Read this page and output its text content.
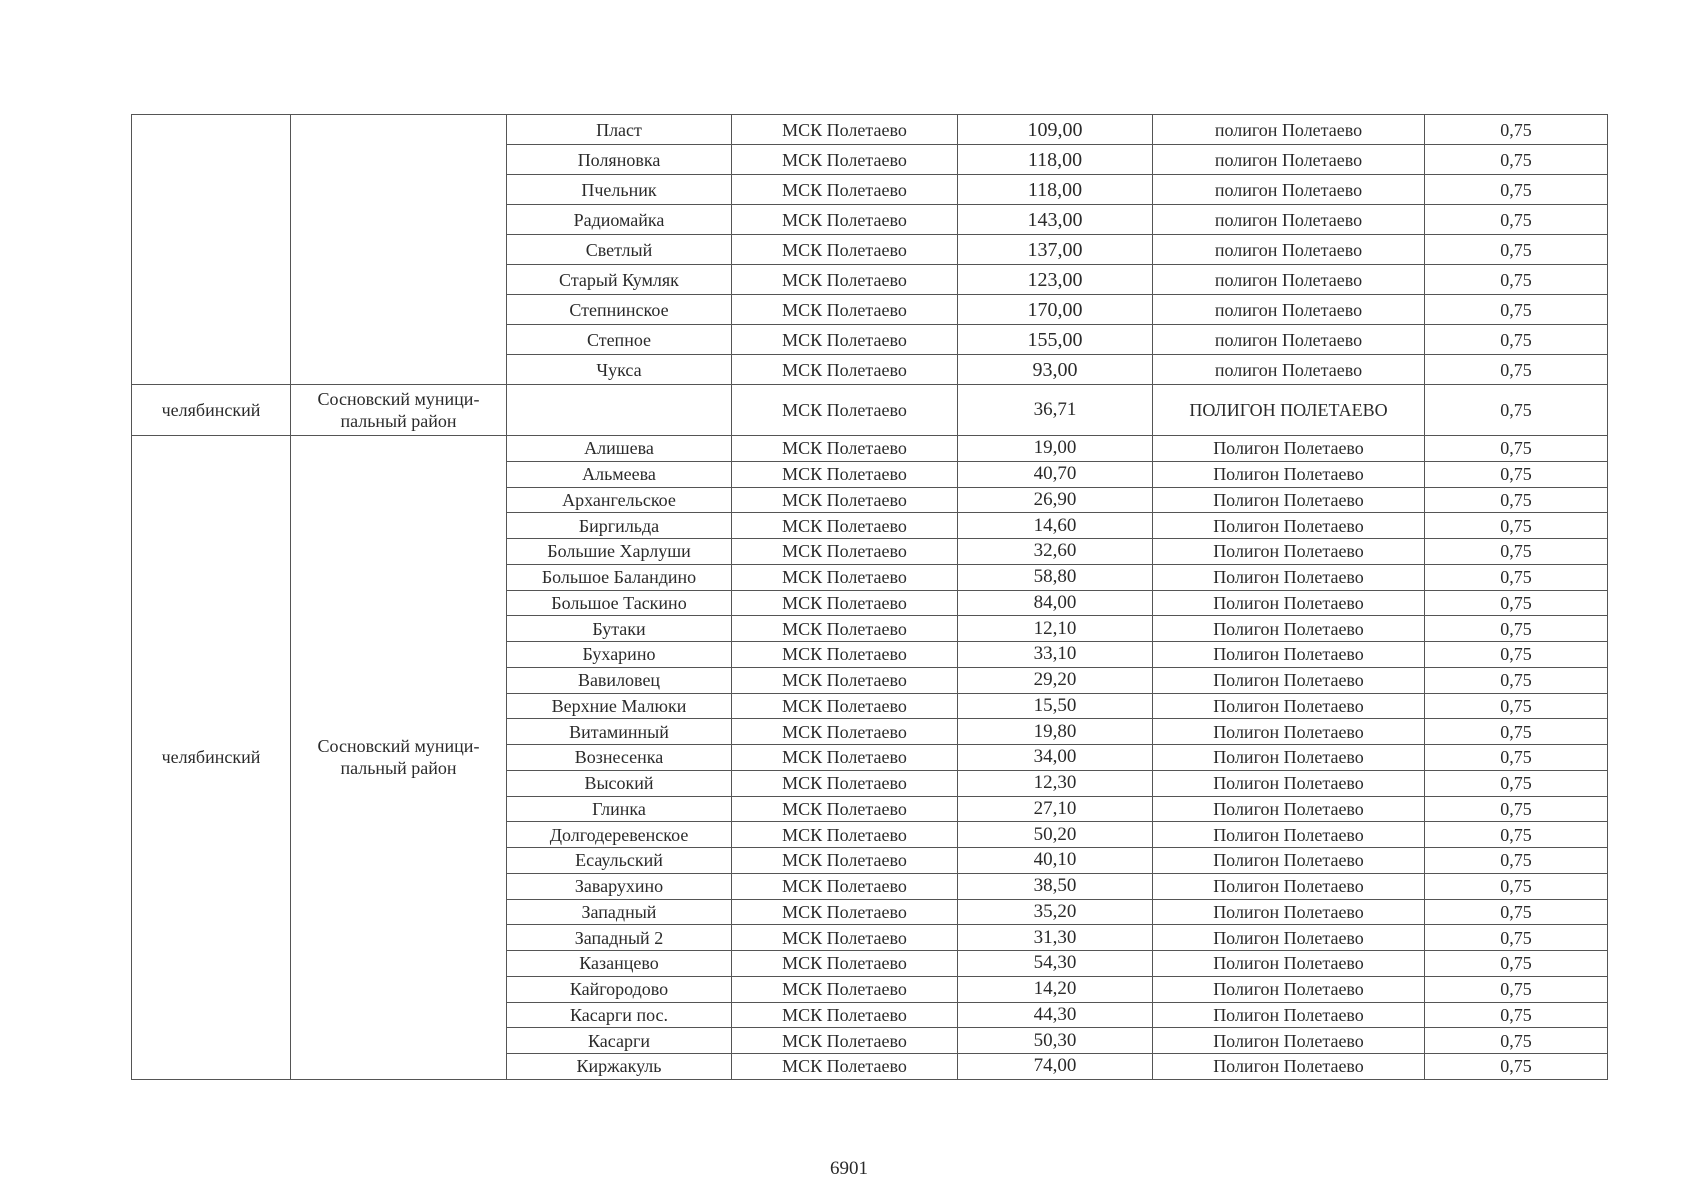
		Пласт	МСК Полетаево	109,00	полигон Полетаево	0,75
		Поляновка	МСК Полетаево	118,00	полигон Полетаево	0,75
		Пчельник	МСК Полетаево	118,00	полигон Полетаево	0,75
		Радиомайка	МСК Полетаево	143,00	полигон Полетаево	0,75
		Светлый	МСК Полетаево	137,00	полигон Полетаево	0,75
		Старый Кумляк	МСК Полетаево	123,00	полигон Полетаево	0,75
		Степнинское	МСК Полетаево	170,00	полигон Полетаево	0,75
		Степное	МСК Полетаево	155,00	полигон Полетаево	0,75
		Чукса	МСК Полетаево	93,00	полигон Полетаево	0,75
челябинский	Сосновский муници-пальный район		МСК Полетаево	36,71	ПОЛИГОН ПОЛЕТАЕВО	0,75
челябинский	Сосновский муници-пальный район	Алишева	МСК Полетаево	19,00	Полигон Полетаево	0,75
		Альмеева	МСК Полетаево	40,70	Полигон Полетаево	0,75
		Архангельское	МСК Полетаево	26,90	Полигон Полетаево	0,75
		Биргильда	МСК Полетаево	14,60	Полигон Полетаево	0,75
		Большие Харлуши	МСК Полетаево	32,60	Полигон Полетаево	0,75
		Большое Баландино	МСК Полетаево	58,80	Полигон Полетаево	0,75
		Большое Таскино	МСК Полетаево	84,00	Полигон Полетаево	0,75
		Бутаки	МСК Полетаево	12,10	Полигон Полетаево	0,75
		Бухарино	МСК Полетаево	33,10	Полигон Полетаево	0,75
		Вавиловец	МСК Полетаево	29,20	Полигон Полетаево	0,75
		Верхние Малюки	МСК Полетаево	15,50	Полигон Полетаево	0,75
		Витаминный	МСК Полетаево	19,80	Полигон Полетаево	0,75
		Вознесенка	МСК Полетаево	34,00	Полигон Полетаево	0,75
		Высокий	МСК Полетаево	12,30	Полигон Полетаево	0,75
		Глинка	МСК Полетаево	27,10	Полигон Полетаево	0,75
		Долгодеревенское	МСК Полетаево	50,20	Полигон Полетаево	0,75
		Есаульский	МСК Полетаево	40,10	Полигон Полетаево	0,75
		Заварухино	МСК Полетаево	38,50	Полигон Полетаево	0,75
		Западный	МСК Полетаево	35,20	Полигон Полетаево	0,75
		Западный 2	МСК Полетаево	31,30	Полигон Полетаево	0,75
		Казанцево	МСК Полетаево	54,30	Полигон Полетаево	0,75
		Кайгородово	МСК Полетаево	14,20	Полигон Полетаево	0,75
		Касарги пос.	МСК Полетаево	44,30	Полигон Полетаево	0,75
		Касарги	МСК Полетаево	50,30	Полигон Полетаево	0,75
		Киржакуль	МСК Полетаево	74,00	Полигон Полетаево	0,75
6901
